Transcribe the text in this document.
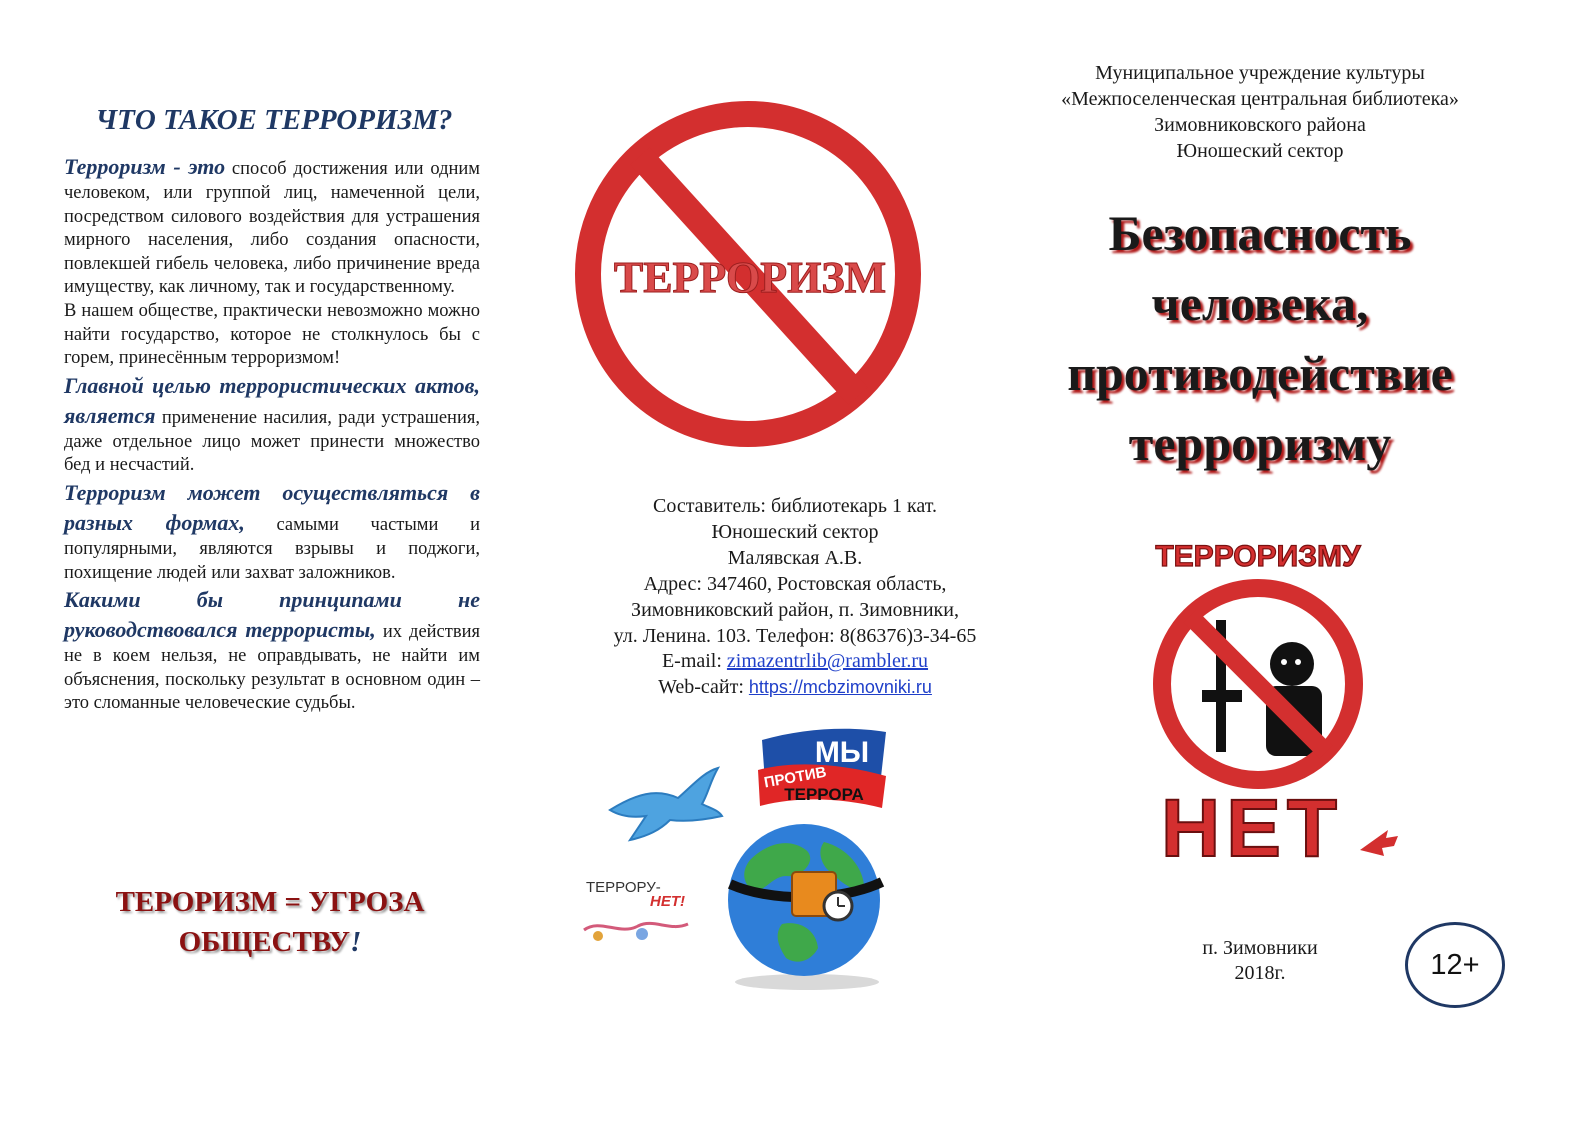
ЧТО ТАКОЕ ТЕРРОРИЗМ?

Терроризм - это способ достижения или одним человеком, или группой лиц, намеченной цели, посредством силового воздействия для устрашения мирного населения, либо создания опасности, повлекшей гибель человека, либо причинение вреда имуществу, как личному, так и государственному.

В нашем обществе, практически невозможно можно найти государство, которое не столкнулось бы с горем, принесённым терроризмом!

Главной целью террористических актов, является применение насилия, ради устрашения, даже отдельное лицо может принести множество бед и несчастий.

Терроризм может осуществляться в разных формах, самыми частыми и популярными, являются взрывы и поджоги, похищение людей или захват заложников.

Какими бы принципами не руководствовался террористы, их действия не в коем нельзя, не оправдывать, не найти им объяснения, поскольку результат в основном один – это сломанные человеческие судьбы.

ТЕРОРИЗМ = УГРОЗА
ОБЩЕСТВУ!
ТЕРРОРИЗМ
Составитель: библиотекарь 1 кат.
Юношеский сектор
Малявская А.В.
Адрес: 347460, Ростовская область,
Зимовниковский район, п. Зимовники,
ул. Ленина. 103. Телефон: 8(86376)3-34-65
E-mail: zimazentrlib@rambler.ru
Web-сайт: https://mcbzimovniki.ru
МЫ
ПРОТИВ
ТЕРРОРА
ТЕРРОРУ-
НЕТ!
Муниципальное учреждение культуры
«Межпоселенческая центральная библиотека»
Зимовниковского района
Юношеский сектор
Безопасность
человека,
противодействие
терроризму
ТЕРРОРИЗМУ
НЕТ
п. Зимовники
2018г.	12+
